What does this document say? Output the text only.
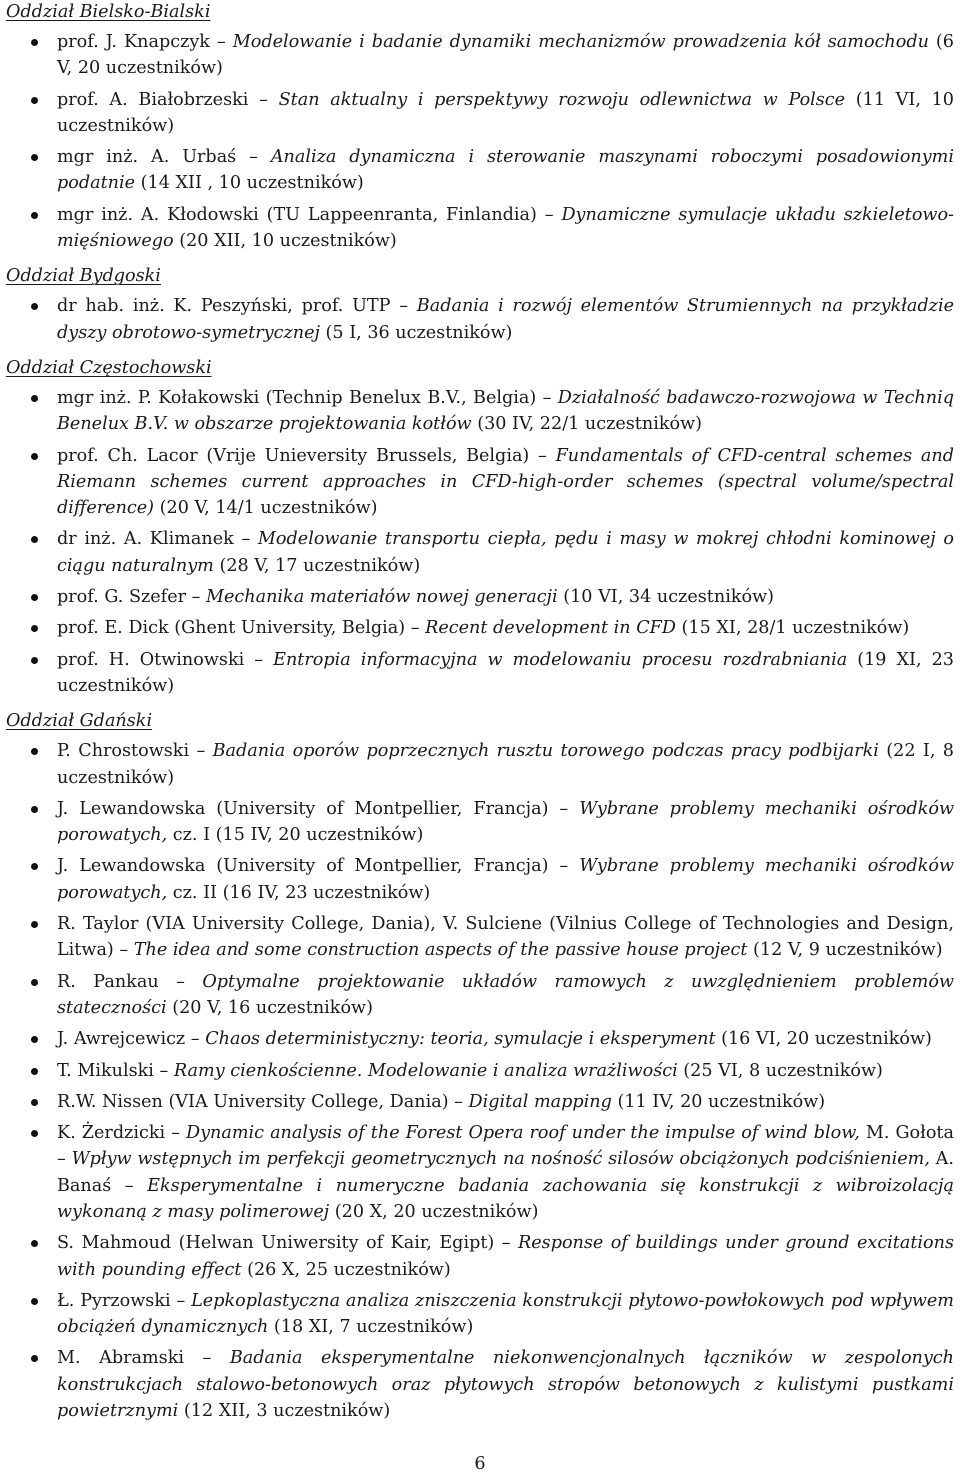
Oddział Bielsko-Bialski
prof. J. Knapczyk – Modelowanie i badanie dynamiki mechanizmów prowadzenia kół samochodu (6 V, 20 uczestników)
prof. A. Białobrzeski – Stan aktualny i perspektywy rozwoju odlewnictwa w Polsce (11 VI, 10 uczestników)
mgr inż. A. Urbaś – Analiza dynamiczna i sterowanie maszynami roboczymi posadowionymi podatnie (14 XII , 10 uczestników)
mgr inż. A. Kłodowski (TU Lappeenranta, Finlandia) – Dynamiczne symulacje układu szkieletowo-mięśniowego (20 XII, 10 uczestników)
Oddział Bydgoski
dr hab. inż. K. Peszyński, prof. UTP – Badania i rozwój elementów Strumiennych na przykładzie dyszy obrotowo-symetrycznej (5 I, 36 uczestników)
Oddział Częstochowski
mgr inż. P. Kołakowski (Technip Benelux B.V., Belgia) – Działalność badawczo-rozwojowa w Techniq Benelux B.V. w obszarze projektowania kotłów (30 IV, 22/1 uczestników)
prof. Ch. Lacor (Vrije Unieversity Brussels, Belgia) – Fundamentals of CFD-central schemes and Riemann schemes current approaches in CFD-high-order schemes (spectral volume/spectral difference) (20 V, 14/1 uczestników)
dr inż. A. Klimanek – Modelowanie transportu ciepła, pędu i masy w mokrej chłodni kominowej o ciągu naturalnym (28 V, 17 uczestników)
prof. G. Szefer – Mechanika materiałów nowej generacji (10 VI, 34 uczestników)
prof. E. Dick (Ghent University, Belgia) – Recent development in CFD (15 XI, 28/1 uczestników)
prof. H. Otwinowski – Entropia informacyjna w modelowaniu procesu rozdrabniania (19 XI, 23 uczestników)
Oddział Gdański
P. Chrostowski – Badania oporów poprzecznych rusztu torowego podczas pracy podbijarki (22 I, 8 uczestników)
J. Lewandowska (University of Montpellier, Francja) – Wybrane problemy mechaniki ośrodków porowatych, cz. I (15 IV, 20 uczestników)
J. Lewandowska (University of Montpellier, Francja) – Wybrane problemy mechaniki ośrodków porowatych, cz. II (16 IV, 23 uczestników)
R. Taylor (VIA University College, Dania), V. Sulciene (Vilnius College of Technologies and Design, Litwa) – The idea and some construction aspects of the passive house project (12 V, 9 uczestników)
R. Pankau – Optymalne projektowanie układów ramowych z uwzględnieniem problemów stateczności (20 V, 16 uczestników)
J. Awrejcewicz – Chaos deterministyczny: teoria, symulacje i eksperyment (16 VI, 20 uczestników)
T. Mikulski – Ramy cienkościenne. Modelowanie i analiza wrażliwości (25 VI, 8 uczestników)
R.W. Nissen (VIA University College, Dania) – Digital mapping (11 IV, 20 uczestników)
K. Żerdzicki – Dynamic analysis of the Forest Opera roof under the impulse of wind blow, M. Gołota – Wpływ wstępnych im perfekcji geometrycznych na nośność silosów obciążonych podciśnieniem, A. Banaś – Eksperymentalne i numeryczne badania zachowania się konstrukcji z wibroizolacją wykonaną z masy polimerowej (20 X, 20 uczestników)
S. Mahmoud (Helwan Uniwersity of Kair, Egipt) – Response of buildings under ground excitations with pounding effect (26 X, 25 uczestników)
Ł. Pyrzowski – Lepkoplastyczna analiza zniszczenia konstrukcji płytowo-powłokowych pod wpływem obciążeń dynamicznych (18 XI, 7 uczestników)
M. Abramski – Badania eksperymentalne niekonwencjonalnych łączników w zespolonych konstrukcjach stalowo-betonowych oraz płytowych stropów betonowych z kulistymi pustkami powietrznymi (12 XII, 3 uczestników)
6
